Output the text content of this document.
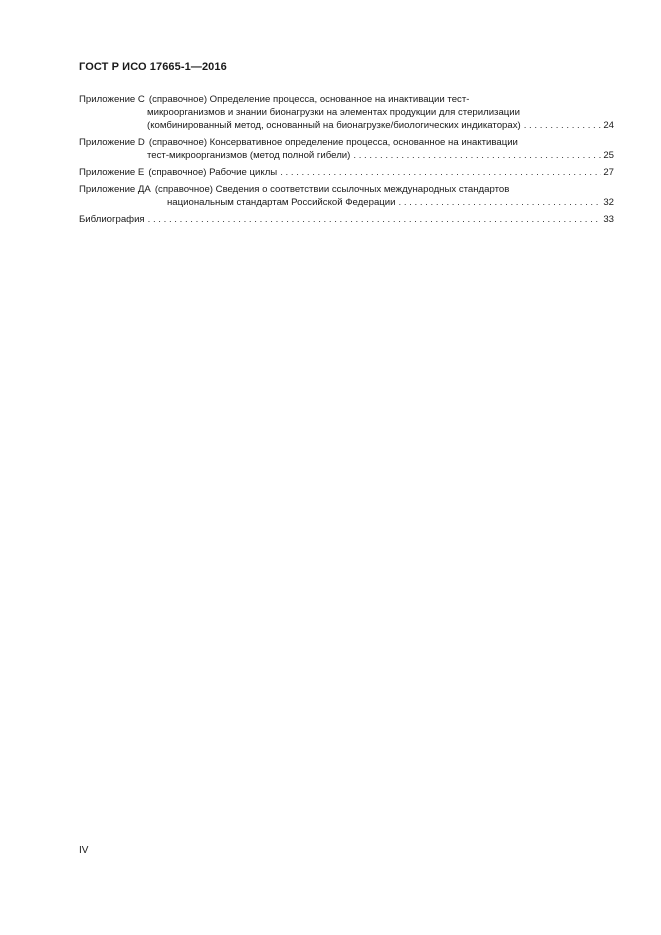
ГОСТ Р ИСО 17665-1—2016
Приложение C (справочное) Определение процесса, основанное на инактивации тест-
микроорганизмов и знании бионагрузки на элементах продукции для стерилизации
(комбинированный метод, основанный на бионагрузке/биологических индикаторах) . . .	24
Приложение D (справочное) Консервативное определение процесса, основанное на инактивации
тест-микроорганизмов (метод полной гибели) . . .	25
Приложение E (справочное) Рабочие циклы . . .	27
Приложение ДА (справочное) Сведения о соответствии ссылочных международных стандартов
национальным стандартам Российской Федерации . . .	32
Библиография . . .	33
IV
